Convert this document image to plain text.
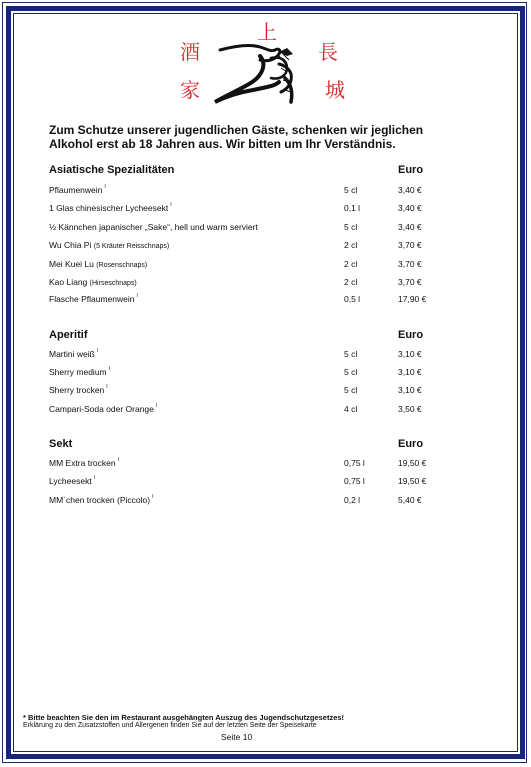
上
酒	長
家	城
Zum Schutze unserer jugendlichen Gäste, schenken wir jeglichen Alkohol erst ab 18 Jahren aus. Wir bitten um Ihr Verständnis.
Asiatische Spezialitäten	Euro
Pflaumenwein $^I$	5 cl	3,40 €
1 Glas chinesischer Lycheesekt $^I$	0,1 l	3,40 €
½ Kännchen japanischer „Sake“, hell und warm serviert	5 cl	3,40 €
Wu Chia Pi (5 Kräuter Reisschnaps)	2 cl	3,70 €
Mei Kuei Lu (Rosenschnaps)	2 cl	3,70 €
Kao Liang (Hirseschnaps)	2 cl	3,70 €
Flasche Pflaumenwein $^I$	0,5 l	17,90 €
Aperitif	Euro
Martini weiß $^I$	5 cl	3,10 €
Sherry medium $^I$	5 cl	3,10 €
Sherry trocken $^I$	5 cl	3,10 €
Campari-Soda oder Orange $^I$	4 cl	3,50 €
Sekt	Euro
MM Extra trocken $^I$	0,75 l	19,50 €
Lycheesekt $^I$	0,75 l	19,50 €
MM`chen trocken (Piccolo) $^I$	0,2 l	5,40 €
* Bitte beachten Sie den im Restaurant ausgehängten Auszug des Jugendschutzgesetzes!
Erklärung zu den Zusatzstoffen und Allergenen finden Sie auf der letzten Seite der Speisekarte
Seite 10
